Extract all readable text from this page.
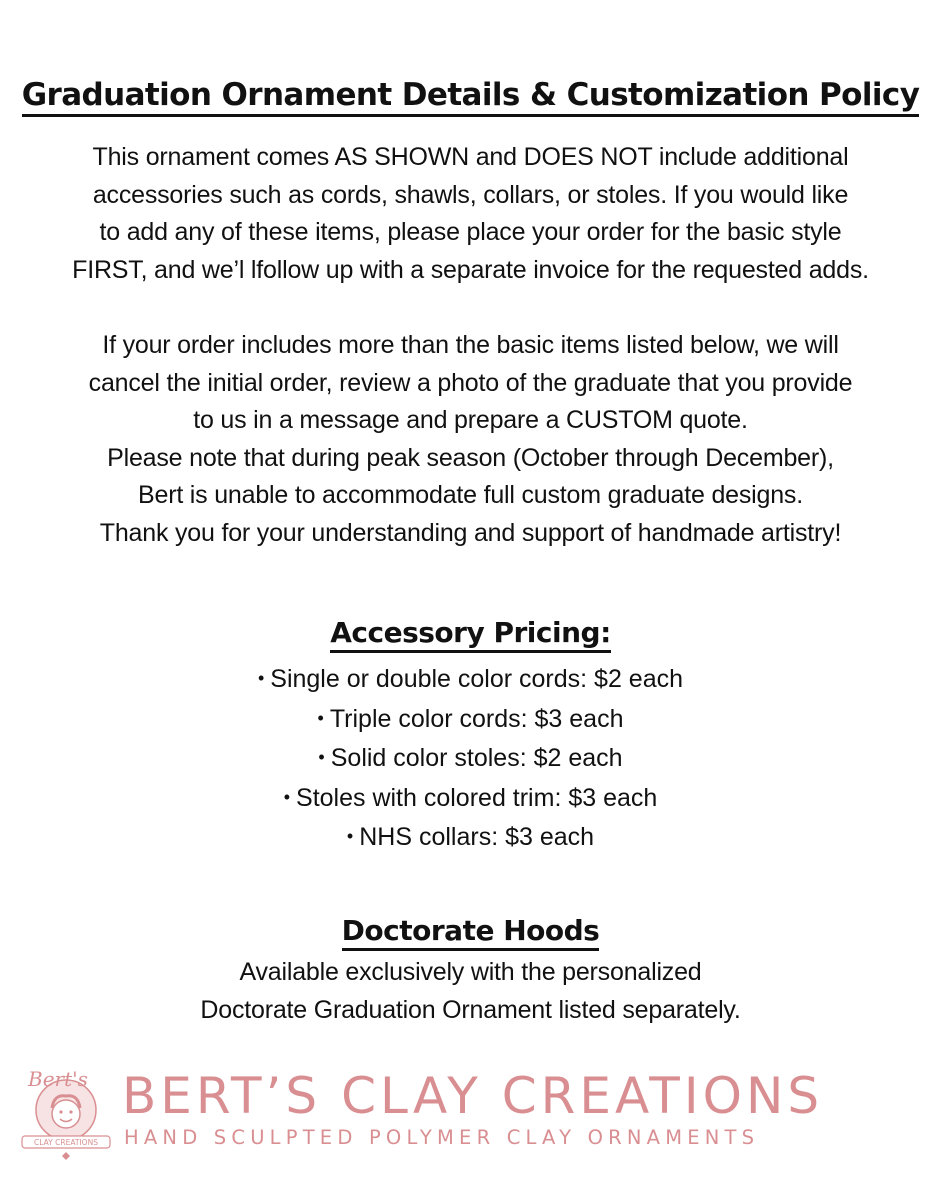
Graduation Ornament Details & Customization Policy
This ornament comes AS SHOWN and DOES NOT include additional
accessories such as cords, shawls, collars, or stoles. If you would like
to add any of these items, please place your order for the basic style
FIRST, and we’l lfollow up with a separate invoice for the requested adds.
If your order includes more than the basic items listed below, we will
cancel the initial order, review a photo of the graduate that you provide
to us in a message and prepare a CUSTOM quote.
Please note that during peak season (October through December),
Bert is unable to accommodate full custom graduate designs.
Thank you for your understanding and support of handmade artistry!
Accessory Pricing:
• Single or double color cords: $2 each
• Triple color cords: $3 each
• Solid color stoles: $2 each
• Stoles with colored trim: $3 each
• NHS collars: $3 each
Doctorate Hoods
Available exclusively with the personalized
Doctorate Graduation Ornament listed separately.
Bert's
CLAY CREATIONS
BERT’S CLAY CREATIONS
HAND SCULPTED POLYMER CLAY ORNAMENTS
